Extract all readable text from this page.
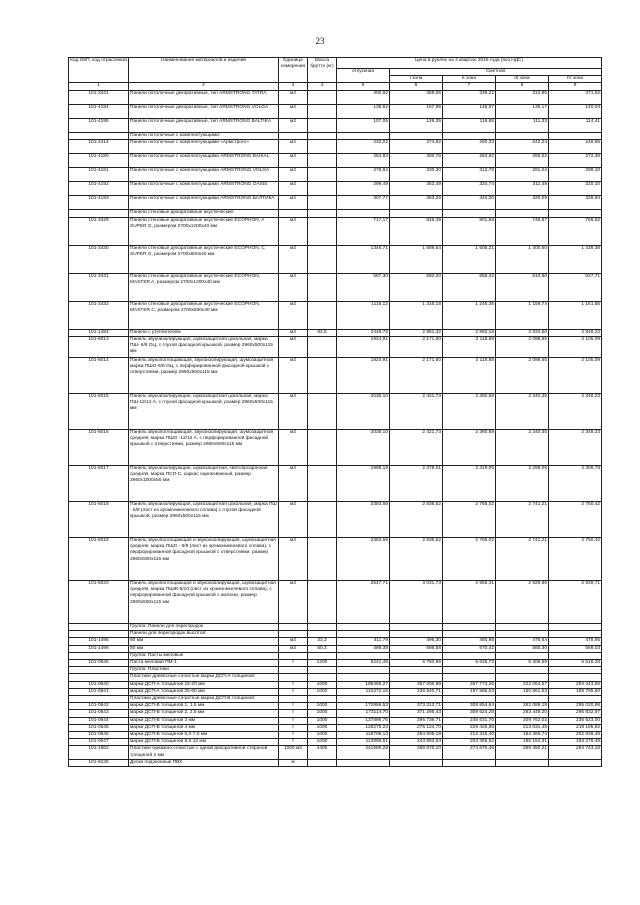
23
Код ОКП, код отраслевой	Наименование материалов и изделий	Единица измерения	Масса брутто (кг)	Цена в рублях на 4 квартал 2015 года (без НДС)				
				отпускная	Сметная			
					I зона	II зона	III зона	IV зона
1	2	3	4	5	6	7	8	9
101-3441	Панели потолочные декоративные, тип ARMSTRONG TATRA	м2		300,82	355,06	339,22	312,85	371,52
101-4194	Панели потолочные декоративные, тип ARMSTRONG VOLGA	м2		135,62	157,95	149,57	135,17	140,03
101-4195	Панели потолочные декоративные, тип ARMSTRONG BALTIKA	м2		107,05	126,35	119,65	111,33	114,41
	Панели потолочные с комплектующими:							
101-2414	Панели потолочные с комплектующими «Армстронг»	м2		232,02	274,82	260,33	242,24	248,95
101-4190	Панели потолочные с комплектующими ARMSTRONG BAIKAL	м2		254,83	300,76	284,82	265,02	272,36
101-4191	Панели потолочные с комплектующими ARMSTRONG VOLGA	м2		279,84	330,30	312,78	291,04	299,10
101-4192	Панели потолочные с комплектующими ARMSTRONG OASIS	м2		299,49	353,49	334,74	311,48	320,10
101-4193	Панели потолочные с комплектующими ARMSTRONG БАЛТИКА	м2		307,77	363,26	344,00	320,09	328,94
	Панели стеновые декоративные акустические:							
101-3429	Панели стеновые декоративные акустические ECOPHON, A SUPER G, размером 2700х1200х40 мм	м2		717,17	846,49	801,58	745,87	766,52
101-3430	Панели стеновые декоративные акустические ECOPHON, C SUPER G, размером 2700х600х40 мм	м2		1346,71	1 589,54	1 505,21	1 400,60	1 439,38
101-3431	Панели стеновые декоративные акустические ECOPHON, MASTER A, размером 2700х1200х40 мм	м2		587,30	693,20	656,42	610,80	627,71
101-3432	Панели стеновые декоративные акустические ECOPHON, MASTER C, размером 2700х600х40 мм	м2		1115,12	1 316,18	1 246,36	1 159,74	1 161,85
101-1494	Панели с утеплителем	м2	82,5	2448,75	2 951,32	2 860,18	2 834,50	2 848,22
101-6013	Панель звукоизолирующая, шумозащитная цокольная, марка ПШ- 6/8 ОЦ, с глухой фасадной крышкой, размер 2960х500х115 мм	м2		1924,91	2 171,60	2 118,88	2 098,65	2 105,09
101-6014	Панель звукопоглощающая, звукоизолирующая, шумозащитная марка ПШО-6/8 ОЦ, с перфорированной фасадной крышкой с отверстиями, размер 2960х500х115 мм	м2		1924,91	2 171,60	2 118,88	2 098,65	2 105,09
101-6015	Панель звукоизолирующая, шумозащитная цокольная, марка ПШ-12/12 А, с глухой фасадной крышкой, размер 2960х500х115 мм	м2		2035,10	2 421,73	2 360,69	2 340,35	2 348,23
101-6016	Панель звукопоглощающая, звукоизолирующая, шумозащитная средняя, марка ПШО -12/12 А, с перфорированной фасадной крышкой с отверстиями, размер 2960х500х115 мм	м2		2035,10	2 421,73	2 360,69	2 340,35	2 348,23
101-6017	Панель звукоизолирующая, шумозащитная, светопрозрачная средняя, марка ПСП-С, каркас оцинкованный, размер 2960х1000х50 мм	м2		1998,19	2 379,01	2 319,05	2 299,06	2 306,78
101-6018	Панель звукоизолирующая, шумозащитная цокольная, марка ПШ - 6/8 (лист из хромоникелевого сплава) с глухой фасадной крышкой, размер 2960х500х115 мм	м2		2383,66	2 836,52	2 765,02	2 741,21	2 750,42
101-6019	Панель звукопоглощающая и звукоизолирующая, шумозащитная средняя, марка ПШО - 6/8 (лист из хромоникелевого сплава), с перфорированной фасадной крышкой с отверстиями, размер 2960х500х115 мм	м2		2383,66	2 836,52	2 765,02	2 741,21	2 750,42
101-6020	Панель звукопоглощающая и звукоизолирующая, шумозащитная средняя, марка ПШЖ-6/10 (лист из хромоникелевого сплава), с перфорированной фасадной крышкой с жалюзи, размер 2960х500х115 мм	м2		2547,71	3 031,73	2 955,31	2 929,86	2 939,71
	Группа: Панели для перегородок							
	Панели для перегородок высотой:							
101-1495	60 мм	м2	33,3	411,79	496,30	480,98	476,64	478,95
101-1496	80 мм	м2	50,3	486,38	586,58	570,42	565,30	568,03
	Группа: Пасты меловые							
101-0636	Паста меловая ПМ-1	т	1200	5241,48	5 750,96	5 626,73	5 406,59	5 518,28
	Группа: Пластики							
	Пластики древесные слоистые марки ДСП-А толщиной:							
101-0640	марки ДСП-А толщиной 15-20 мм	т	1000	186466,27	357 006,98	267 773,26	222 063,57	284 443,56
101-0641	марки ДСП-А толщиной 25-60 мм	т	1000	110472,15	236 940,71	197 585,03	160 861,63	189 785,60
	Пластики древесные слоистые марки ДСП-В толщиной:							
101-0642	марки ДСП-В толщиной 1, 1,5 мм	т	1000	172858,53	373 313,71	308 854,64	262 089,18	295 020,98
101-0643	марки ДСП-В толщиной 2, 2,5 мм	т	1000	173114,70	371 295,43	309 624,28	263 449,20	295 832,87
101-0644	марки ДСП-В толщиной 3 мм	т	1000	137896,75	295 736,71	246 631,70	209 762,02	235 623,00
101-0645	марки ДСП-В толщиной 4 мм	т	1000	128275,23	275 124,70	229 426,68	213 031,45	219 185,92
101-0646	марки ДСП-В толщиной 5,0-7,0 мм	т	1000	118708,13	254 605,18	212 315,40	184 365,74	202 838,48
101-0647	марки ДСП-В толщиной 8,5-12 мм	т	1000	113896,51	243 863,63	203 355,52	186 164,31	194 278,49
101-1862	Пластики бумажно-слоистые с одной декоративной стороной толщиной 2 мм	1000 м2	4400	241686,29	289 870,10	274 676,46	259 450,21	264 743,16
101-9136	Доски подоконные ПВХ	м						
